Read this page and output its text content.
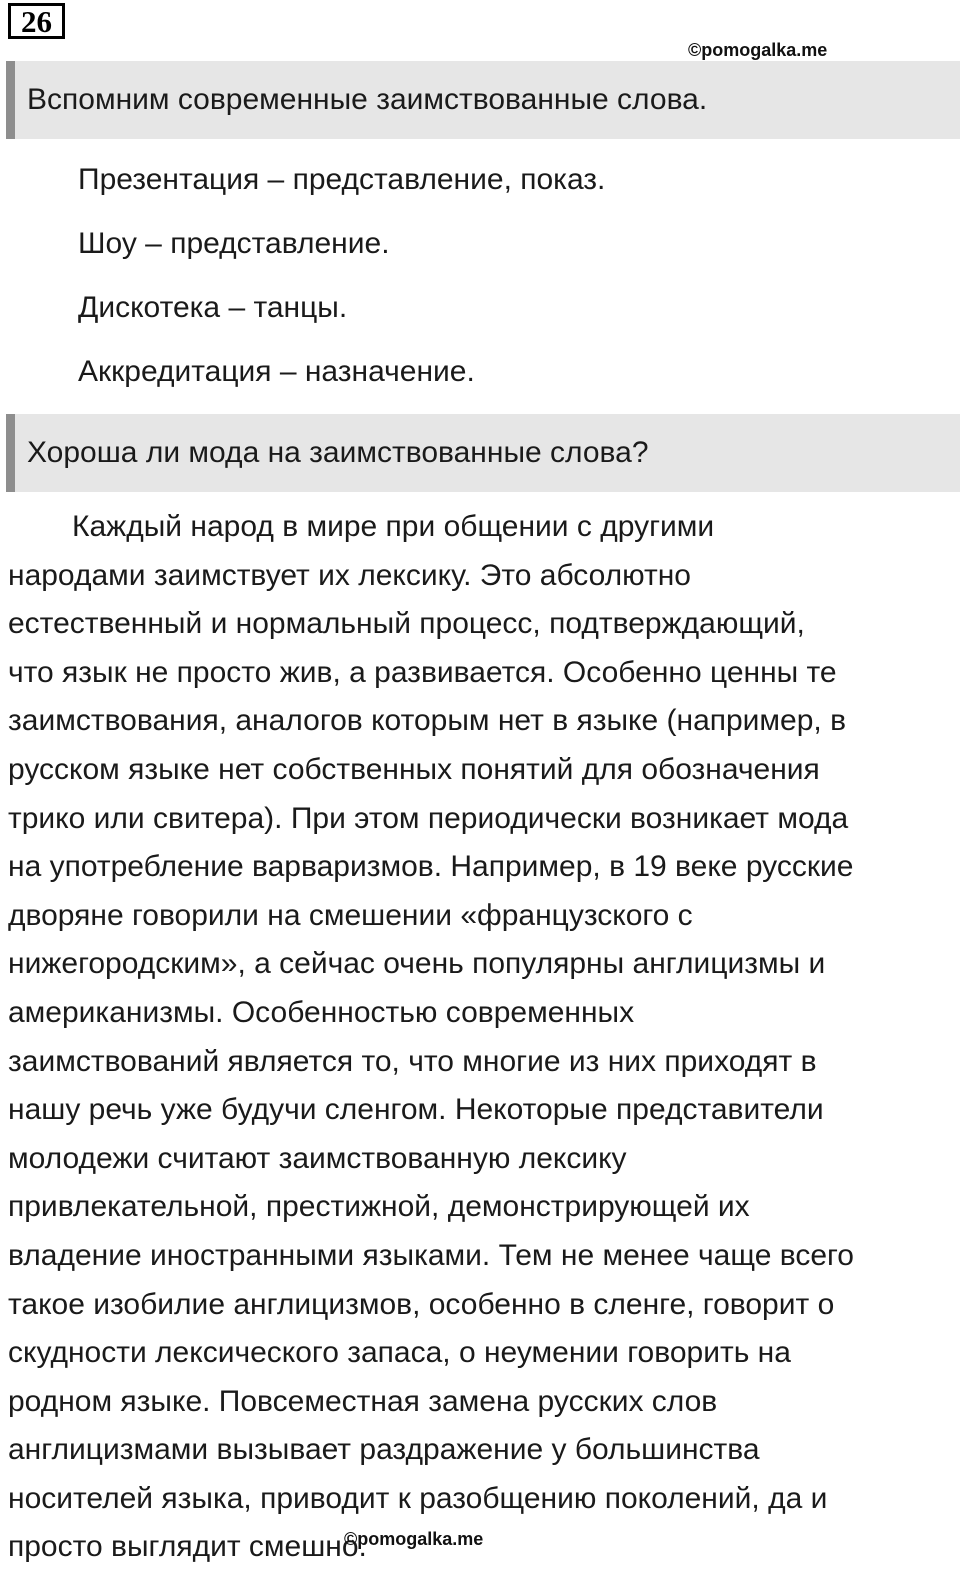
26
©pomogalka.me
Вспомним современные заимствованные слова.
Презентация – представление, показ.
Шоу – представление.
Дискотека – танцы.
Аккредитация – назначение.
Хороша ли мода на заимствованные слова?
Каждый народ в мире при общении с другими
народами заимствует их лексику. Это абсолютно
естественный и нормальный процесс, подтверждающий,
что язык не просто жив, а развивается. Особенно ценны те
заимствования, аналогов которым нет в языке (например, в
русском языке нет собственных понятий для обозначения
трико или свитера). При этом периодически возникает мода
на употребление варваризмов. Например, в 19 веке русские
дворяне говорили на смешении «французского с
нижегородским», а сейчас очень популярны англицизмы и
американизмы. Особенностью современных
заимствований является то, что многие из них приходят в
нашу речь уже будучи сленгом. Некоторые представители
молодежи считают заимствованную лексику
привлекательной, престижной, демонстрирующей их
владение иностранными языками. Тем не менее чаще всего
такое изобилие англицизмов, особенно в сленге, говорит о
скудности лексического запаса, о неумении говорить на
родном языке. Повсеместная замена русских слов
англицизмами вызывает раздражение у большинства
носителей языка, приводит к разобщению поколений, да и
просто выглядит смешно.
©pomogalka.me
